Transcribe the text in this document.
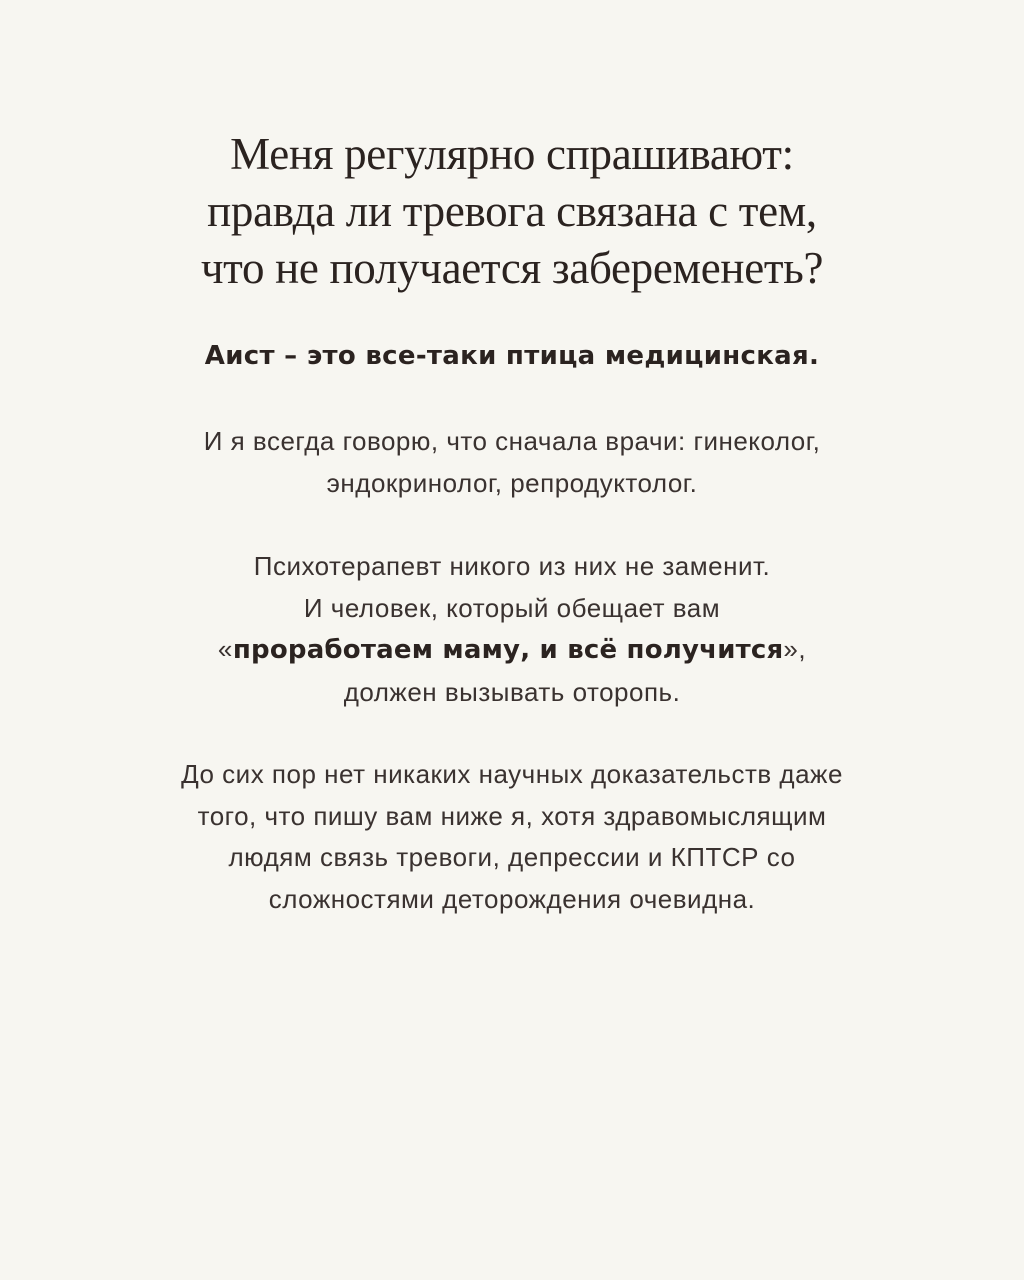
Меня регулярно спрашивают:
правда ли тревога связана с тем,
что не получается забеременеть?

Аист – это все-таки птица медицинская.

И я всегда говорю, что сначала врачи: гинеколог,
эндокринолог, репродуктолог.

Психотерапевт никого из них не заменит.
И человек, который обещает вам
«проработаем маму, и всё получится»,
должен вызывать оторопь.

До сих пор нет никаких научных доказательств даже
того, что пишу вам ниже я, хотя здравомыслящим
людям связь тревоги, депрессии и КПТСР со
сложностями деторождения очевидна.
